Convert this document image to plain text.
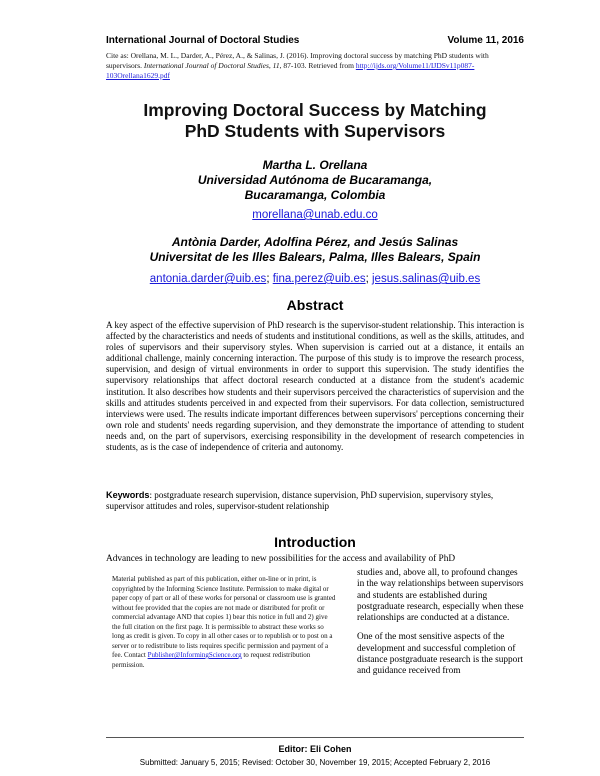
International Journal of Doctoral Studies	Volume 11, 2016
Cite as: Orellana, M. L., Darder, A., Pérez, A., & Salinas, J. (2016). Improving doctoral success by matching PhD students with supervisors. International Journal of Doctoral Studies, 11, 87-103. Retrieved from http://ijds.org/Volume11/IJDSv11p087-103Orellana1629.pdf
Improving Doctoral Success by Matching
PhD Students with Supervisors
Martha L. Orellana
Universidad Autónoma de Bucaramanga,
Bucaramanga, Colombia
morellana@unab.edu.co
Antònia Darder, Adolfina Pérez, and Jesús Salinas
Universitat de les Illes Balears, Palma, Illes Balears, Spain
antonia.darder@uib.es; fina.perez@uib.es; jesus.salinas@uib.es
Abstract
A key aspect of the effective supervision of PhD research is the supervisor-student relationship. This interaction is affected by the characteristics and needs of students and institutional conditions, as well as the skills, attitudes, and roles of supervisors and their supervisory styles. When supervision is carried out at a distance, it entails an additional challenge, mainly concerning interaction. The purpose of this study is to improve the research process, supervision, and design of virtual environments in order to support this supervision. The study identifies the supervisory relationships that affect doctoral research conducted at a distance from the student's academic institution. It also describes how students and their supervisors perceived the characteristics of supervision and the skills and attitudes students perceived in and expected from their supervisors. For data collection, semistructured interviews were used. The results indicate important differences between supervisors' perceptions concerning their own role and students' needs regarding supervision, and they demonstrate the importance of attending to student needs and, on the part of supervisors, exercising responsibility in the development of research competencies in students, as is the case of independence of criteria and autonomy.
Keywords: postgraduate research supervision, distance supervision, PhD supervision, supervisory styles, supervisor attitudes and roles, supervisor-student relationship
Introduction
Advances in technology are leading to new possibilities for the access and availability of PhD
Material published as part of this publication, either on-line or in print, is copyrighted by the Informing Science Institute. Permission to make digital or paper copy of part or all of these works for personal or classroom use is granted without fee provided that the copies are not made or distributed for profit or commercial advantage AND that copies 1) bear this notice in full and 2) give the full citation on the first page. It is permissible to abstract these works so long as credit is given. To copy in all other cases or to republish or to post on a server or to redistribute to lists requires specific permission and payment of a fee. Contact Publisher@InformingScience.org to request redistribution permission.

studies and, above all, to profound changes in the way relationships between supervisors and students are established during postgraduate research, especially when these relationships are conducted at a distance.

One of the most sensitive aspects of the development and successful completion of distance postgraduate research is the support and guidance received from

Editor: Eli Cohen
Submitted: January 5, 2015; Revised: October 30, November 19, 2015; Accepted February 2, 2016
